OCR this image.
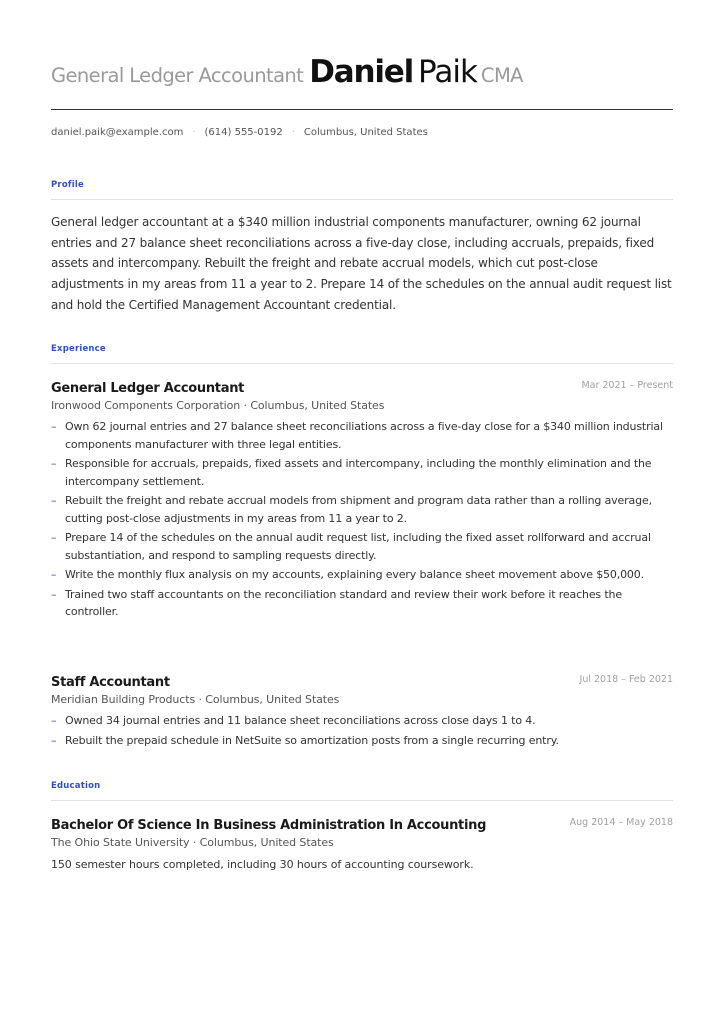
General Ledger Accountant Daniel Paik CMA
daniel.paik@example.com · (614) 555-0192 · Columbus, United States
Profile
General ledger accountant at a $340 million industrial components manufacturer, owning 62 journal entries and 27 balance sheet reconciliations across a five-day close, including accruals, prepaids, fixed assets and intercompany. Rebuilt the freight and rebate accrual models, which cut post-close adjustments in my areas from 11 a year to 2. Prepare 14 of the schedules on the annual audit request list and hold the Certified Management Accountant credential.
Experience
General Ledger Accountant	Mar 2021 – Present
Ironwood Components Corporation · Columbus, United States
– Own 62 journal entries and 27 balance sheet reconciliations across a five-day close for a $340 million industrial components manufacturer with three legal entities.
– Responsible for accruals, prepaids, fixed assets and intercompany, including the monthly elimination and the intercompany settlement.
– Rebuilt the freight and rebate accrual models from shipment and program data rather than a rolling average, cutting post-close adjustments in my areas from 11 a year to 2.
– Prepare 14 of the schedules on the annual audit request list, including the fixed asset rollforward and accrual substantiation, and respond to sampling requests directly.
– Write the monthly flux analysis on my accounts, explaining every balance sheet movement above $50,000.
– Trained two staff accountants on the reconciliation standard and review their work before it reaches the controller.
Staff Accountant	Jul 2018 – Feb 2021
Meridian Building Products · Columbus, United States
– Owned 34 journal entries and 11 balance sheet reconciliations across close days 1 to 4.
– Rebuilt the prepaid schedule in NetSuite so amortization posts from a single recurring entry.
Education
Bachelor Of Science In Business Administration In Accounting	Aug 2014 – May 2018
The Ohio State University · Columbus, United States
150 semester hours completed, including 30 hours of accounting coursework.
